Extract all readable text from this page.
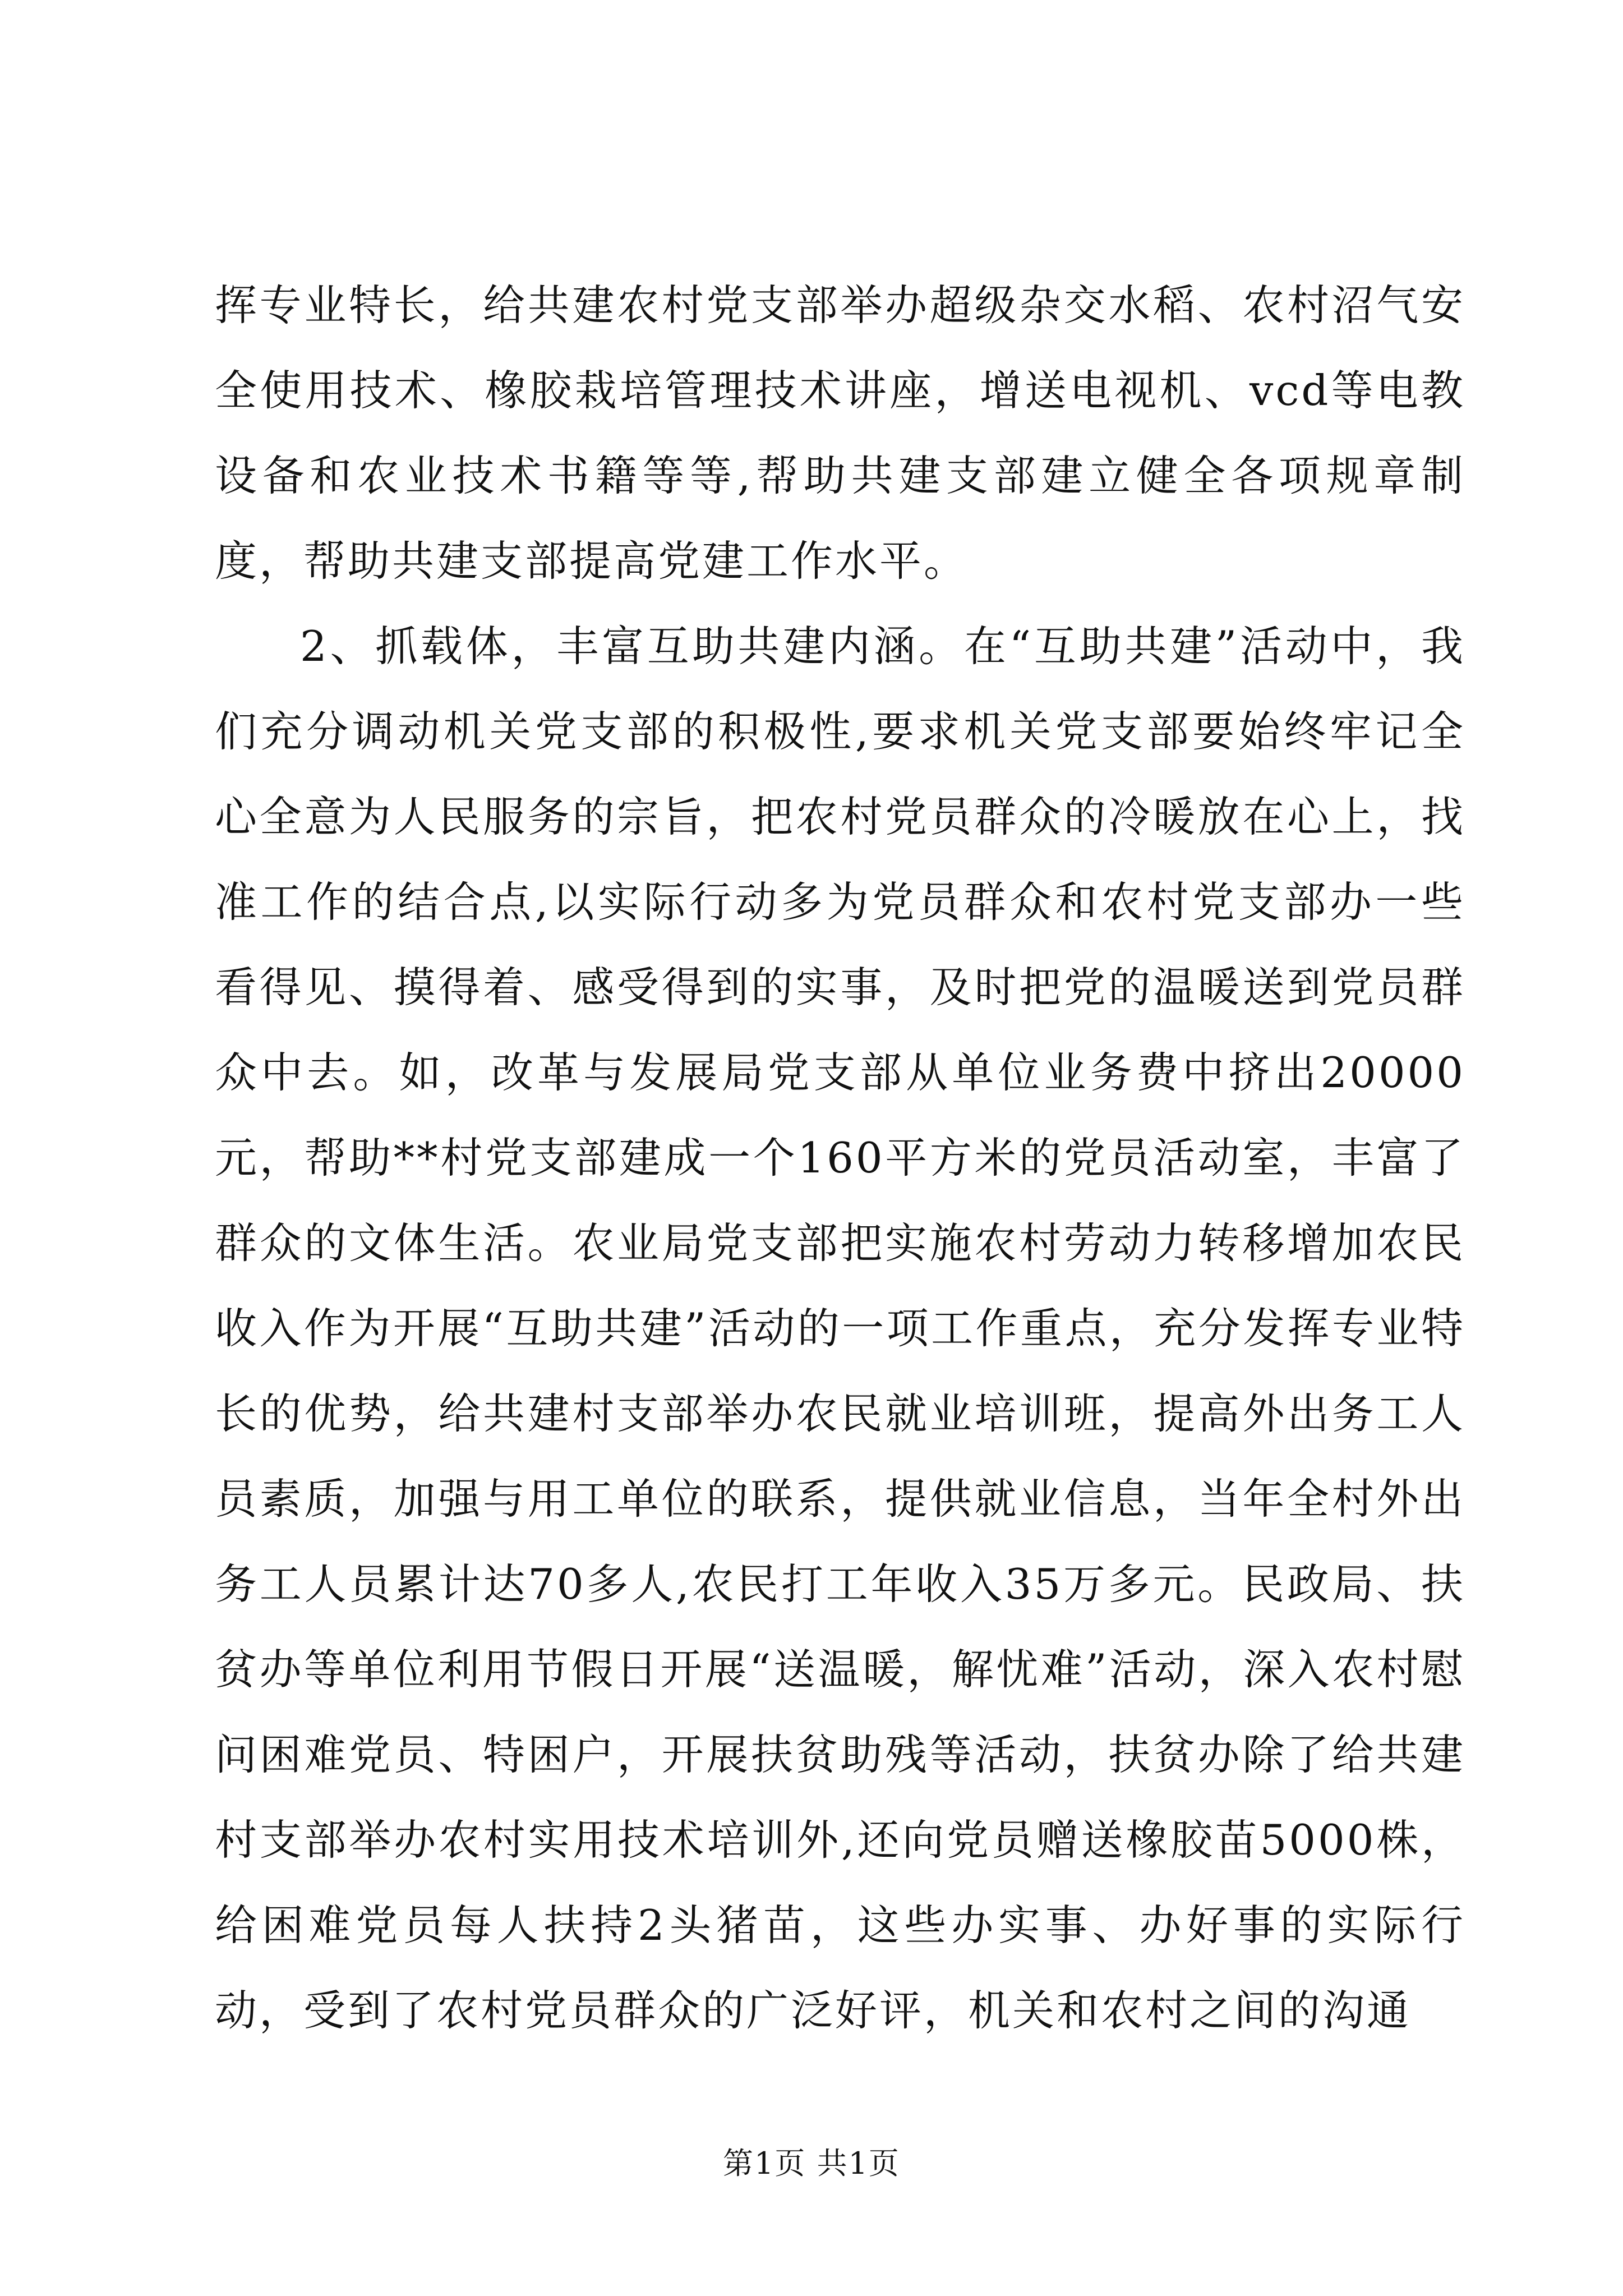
挥专业特长，给共建农村党支部举办超级杂交水稻、农村沼气安全使用技术、橡胶栽培管理技术讲座，增送电视机、vcd等电教设备和农业技术书籍等等,帮助共建支部建立健全各项规章制度，帮助共建支部提高党建工作水平。

2、抓载体，丰富互助共建内涵。在“互助共建”活动中，我们充分调动机关党支部的积极性,要求机关党支部要始终牢记全心全意为人民服务的宗旨，把农村党员群众的冷暖放在心上，找准工作的结合点,以实际行动多为党员群众和农村党支部办一些看得见、摸得着、感受得到的实事，及时把党的温暖送到党员群众中去。如，改革与发展局党支部从单位业务费中挤出20000元，帮助**村党支部建成一个160平方米的党员活动室，丰富了群众的文体生活。农业局党支部把实施农村劳动力转移增加农民收入作为开展“互助共建”活动的一项工作重点，充分发挥专业特长的优势，给共建村支部举办农民就业培训班，提高外出务工人员素质，加强与用工单位的联系，提供就业信息，当年全村外出务工人员累计达70多人,农民打工年收入35万多元。民政局、扶贫办等单位利用节假日开展“送温暖，解忧难”活动，深入农村慰问困难党员、特困户，开展扶贫助残等活动，扶贫办除了给共建村支部举办农村实用技术培训外,还向党员赠送橡胶苗5000株，给困难党员每人扶持2头猪苗，这些办实事、办好事的实际行动，受到了农村党员群众的广泛好评，机关和农村之间的沟通

第1页 共1页
